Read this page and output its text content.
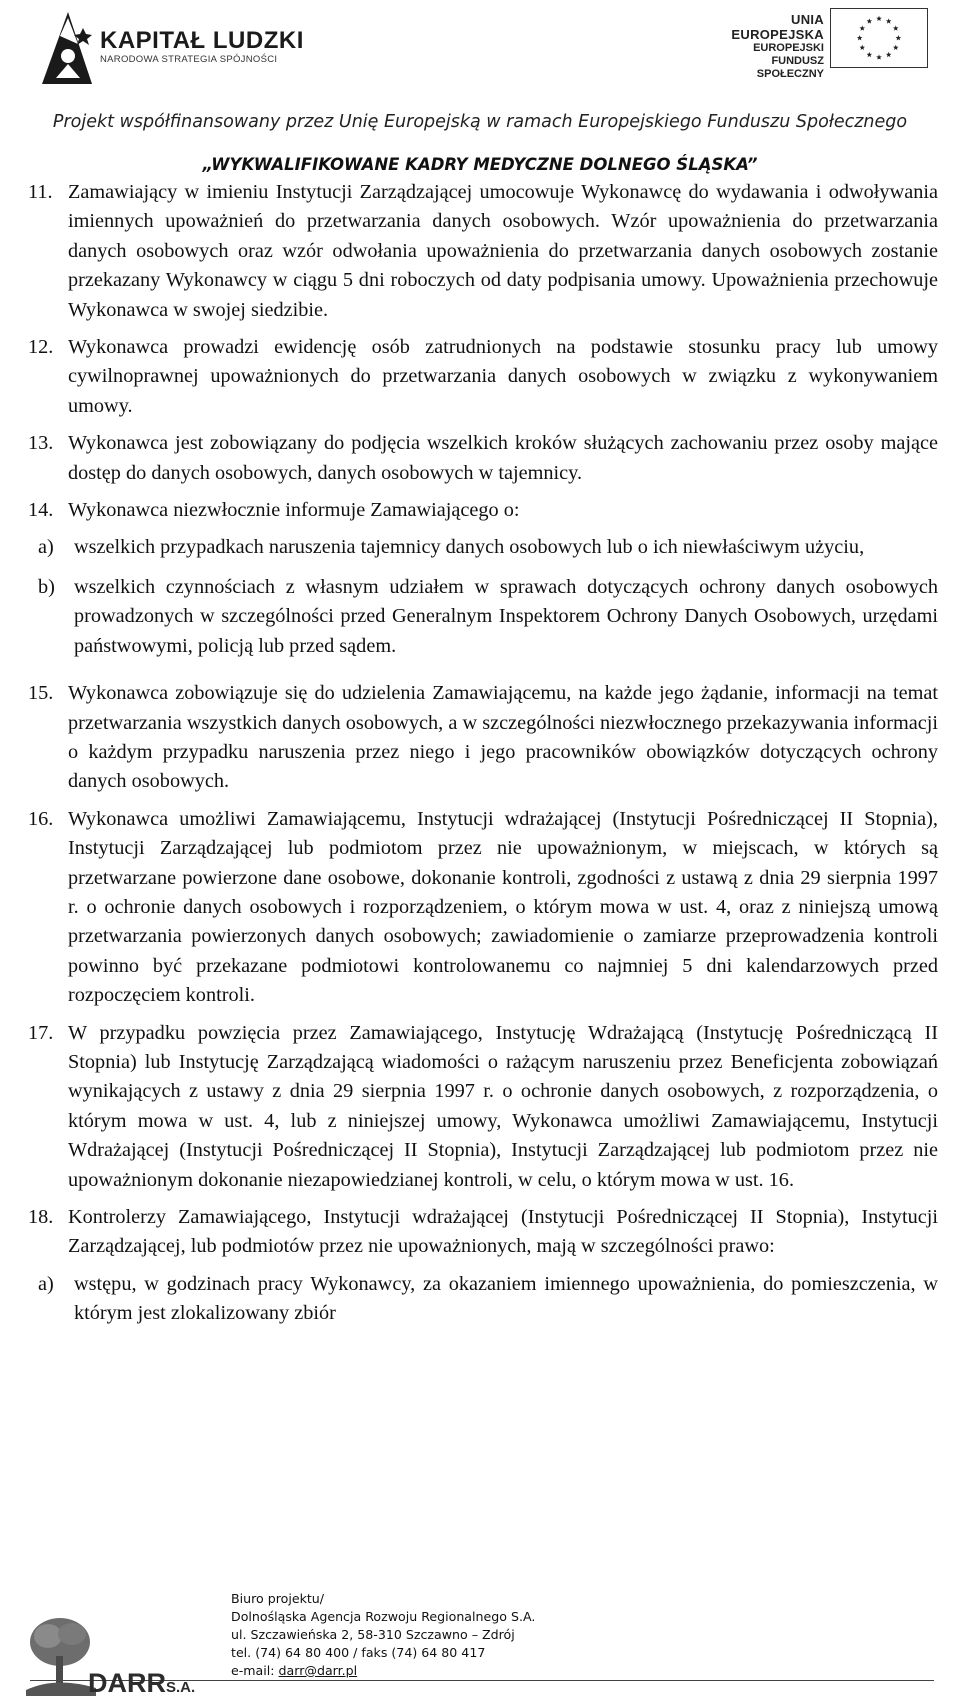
KAPITAŁ LUDZKI
NARODOWA STRATEGIA SPÓJNOŚCI
UNIA EUROPEJSKA
EUROPEJSKI
FUNDUSZ SPOŁECZNY
Projekt współfinansowany przez Unię Europejską w ramach Europejskiego Funduszu Społecznego
„WYKWALIFIKOWANE KADRY MEDYCZNE DOLNEGO ŚLĄSKA”
11. Zamawiający w imieniu Instytucji Zarządzającej umocowuje Wykonawcę do wydawania i odwoływania imiennych upoważnień do przetwarzania danych osobowych. Wzór upoważnienia do przetwarzania danych osobowych oraz wzór odwołania upoważnienia do przetwarzania danych osobowych zostanie przekazany Wykonawcy w ciągu 5 dni roboczych od daty podpisania umowy. Upoważnienia przechowuje Wykonawca w swojej siedzibie.
12. Wykonawca prowadzi ewidencję osób zatrudnionych na podstawie stosunku pracy lub umowy cywilnoprawnej upoważnionych do przetwarzania danych osobowych w związku z wykonywaniem umowy.
13. Wykonawca jest zobowiązany do podjęcia wszelkich kroków służących zachowaniu przez osoby mające dostęp do danych osobowych, danych osobowych w tajemnicy.
14. Wykonawca niezwłocznie informuje Zamawiającego o:
a) wszelkich przypadkach naruszenia tajemnicy danych osobowych lub o ich niewłaściwym użyciu,
b) wszelkich czynnościach z własnym udziałem w sprawach dotyczących ochrony danych osobowych prowadzonych w szczególności przed Generalnym Inspektorem Ochrony Danych Osobowych, urzędami państwowymi, policją lub przed sądem.
15. Wykonawca zobowiązuje się do udzielenia Zamawiającemu, na każde jego żądanie, informacji na temat przetwarzania wszystkich danych osobowych, a w szczególności niezwłocznego przekazywania informacji o każdym przypadku naruszenia przez niego i jego pracowników obowiązków dotyczących ochrony danych osobowych.
16. Wykonawca umożliwi Zamawiającemu, Instytucji wdrażającej (Instytucji Pośredniczącej II Stopnia), Instytucji Zarządzającej lub podmiotom przez nie upoważnionym, w miejscach, w których są przetwarzane powierzone dane osobowe, dokonanie kontroli, zgodności z ustawą z dnia 29 sierpnia 1997 r. o ochronie danych osobowych i rozporządzeniem, o którym mowa w ust. 4, oraz z niniejszą umową przetwarzania powierzonych danych osobowych; zawiadomienie o zamiarze przeprowadzenia kontroli powinno być przekazane podmiotowi kontrolowanemu co najmniej 5 dni kalendarzowych przed rozpoczęciem kontroli.
17. W przypadku powzięcia przez Zamawiającego, Instytucję Wdrażającą (Instytucję Pośredniczącą II Stopnia) lub Instytucję Zarządzającą wiadomości o rażącym naruszeniu przez Beneficjenta zobowiązań wynikających z ustawy z dnia 29 sierpnia 1997 r. o ochronie danych osobowych, z rozporządzenia, o którym mowa w ust. 4, lub z niniejszej umowy, Wykonawca umożliwi Zamawiającemu, Instytucji Wdrażającej (Instytucji Pośredniczącej II Stopnia), Instytucji Zarządzającej lub podmiotom przez nie upoważnionym dokonanie niezapowiedzianej kontroli, w celu, o którym mowa w ust. 16.
18. Kontrolerzy Zamawiającego, Instytucji wdrażającej (Instytucji Pośredniczącej II Stopnia), Instytucji Zarządzającej, lub podmiotów przez nie upoważnionych, mają w szczególności prawo:
a) wstępu, w godzinach pracy Wykonawcy, za okazaniem imiennego upoważnienia, do pomieszczenia, w którym jest zlokalizowany zbiór
DARRS.A.
Biuro projektu/
Dolnośląska Agencja Rozwoju Regionalnego S.A.
ul. Szczawieńska 2, 58-310 Szczawno – Zdrój
tel. (74) 64 80 400 / faks (74) 64 80 417
e-mail: darr@darr.pl
